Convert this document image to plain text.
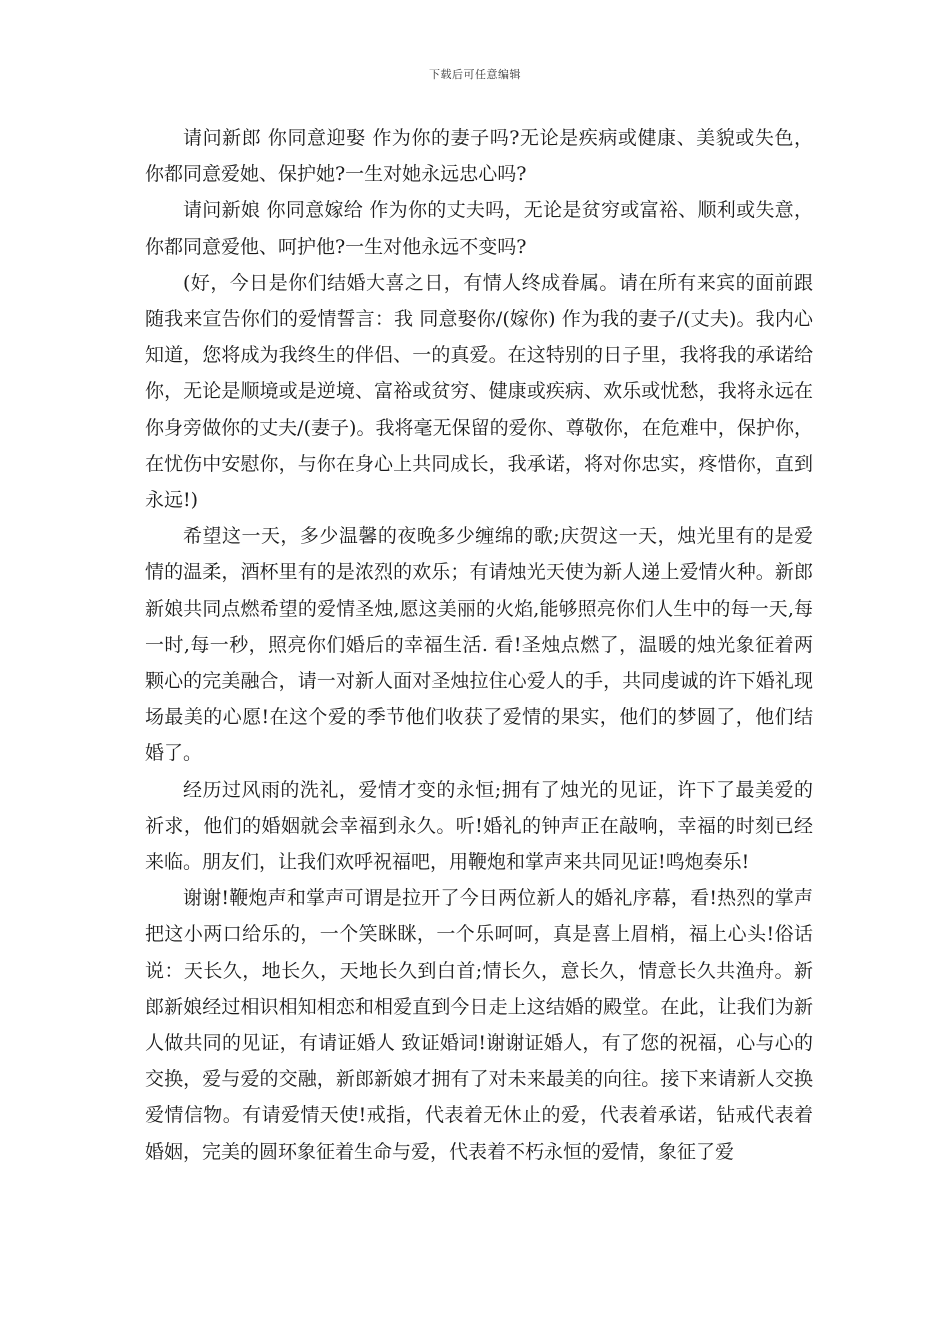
下载后可任意编辑

请问新郎 你同意迎娶 作为你的妻子吗?无论是疾病或健康、美貌或失色，你都同意爱她、保护她?一生对她永远忠心吗?

请问新娘 你同意嫁给 作为你的丈夫吗，无论是贫穷或富裕、顺利或失意，你都同意爱他、呵护他?一生对他永远不变吗?

(好，今日是你们结婚大喜之日，有情人终成眷属。请在所有来宾的面前跟随我来宣告你们的爱情誓言：我 同意娶你/(嫁你) 作为我的妻子/(丈夫)。我内心知道，您将成为我终生的伴侣、一的真爱。在这特别的日子里，我将我的承诺给你，无论是顺境或是逆境、富裕或贫穷、健康或疾病、欢乐或忧愁，我将永远在你身旁做你的丈夫/(妻子)。我将毫无保留的爱你、尊敬你，在危难中，保护你，在忧伤中安慰你，与你在身心上共同成长，我承诺，将对你忠实，疼惜你，直到永远!)

希望这一天，多少温馨的夜晚多少缠绵的歌;庆贺这一天，烛光里有的是爱情的温柔，酒杯里有的是浓烈的欢乐；有请烛光天使为新人递上爱情火种。新郎新娘共同点燃希望的爱情圣烛,愿这美丽的火焰,能够照亮你们人生中的每一天,每一时,每一秒，照亮你们婚后的幸福生活. 看!圣烛点燃了，温暖的烛光象征着两颗心的完美融合，请一对新人面对圣烛拉住心爱人的手，共同虔诚的许下婚礼现场最美的心愿!在这个爱的季节他们收获了爱情的果实，他们的梦圆了，他们结婚了。

经历过风雨的洗礼，爱情才变的永恒;拥有了烛光的见证，许下了最美爱的祈求，他们的婚姻就会幸福到永久。听!婚礼的钟声正在敲响，幸福的时刻已经来临。朋友们，让我们欢呼祝福吧，用鞭炮和掌声来共同见证!鸣炮奏乐!

谢谢!鞭炮声和掌声可谓是拉开了今日两位新人的婚礼序幕，看!热烈的掌声把这小两口给乐的，一个笑眯眯，一个乐呵呵，真是喜上眉梢，福上心头!俗话说：天长久，地长久，天地长久到白首;情长久，意长久，情意长久共渔舟。新郎新娘经过相识相知相恋和相爱直到今日走上这结婚的殿堂。在此，让我们为新人做共同的见证，有请证婚人 致证婚词!谢谢证婚人，有了您的祝福，心与心的交换，爱与爱的交融，新郎新娘才拥有了对未来最美的向往。接下来请新人交换爱情信物。有请爱情天使!戒指，代表着无休止的爱，代表着承诺，钻戒代表着婚姻，完美的圆环象征着生命与爱，代表着不朽永恒的爱情，象征了爱
